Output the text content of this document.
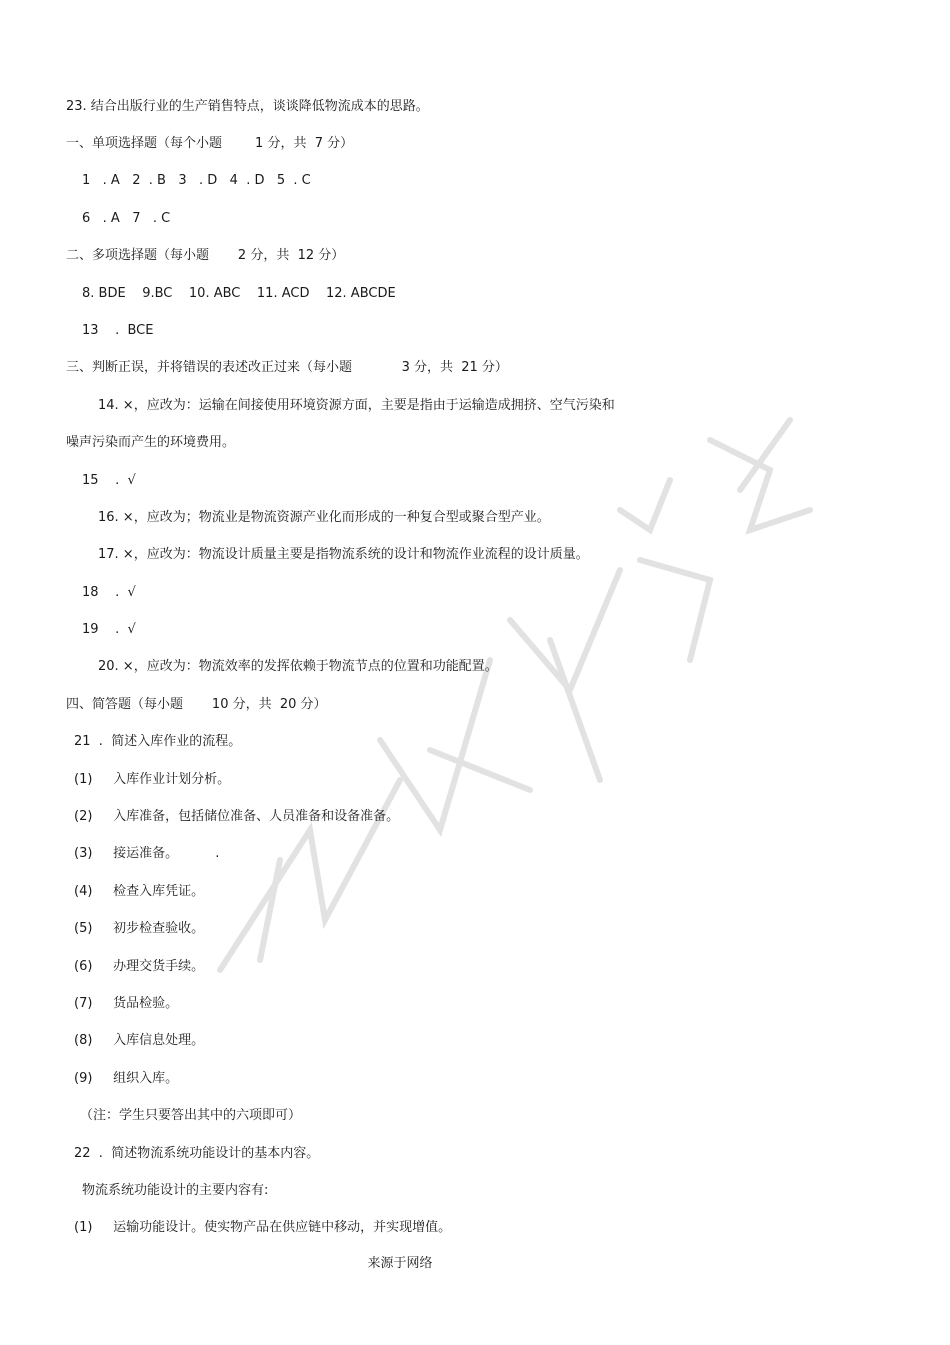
23. 结合出版行业的生产销售特点，谈谈降低物流成本的思路。
一、单项选择题（每个小题        1 分，共  7 分）
1   . A   2  . B   3   . D   4  . D   5  . C
6   . A   7   . C
二、多项选择题（每小题       2 分，共  12 分）
8. BDE    9.BC    10. ABC    11. ACD    12. ABCDE
13    .  BCE
三、判断正误，并将错误的表述改正过来（每小题            3 分，共  21 分）
14. ×，应改为：运输在间接使用环境资源方面，主要是指由于运输造成拥挤、空气污染和
噪声污染而产生的环境费用。
15    .  √
16. ×，应改为；物流业是物流资源产业化而形成的一种复合型或聚合型产业。
17. ×，应改为：物流设计质量主要是指物流系统的设计和物流作业流程的设计质量。
18    .  √
19    .  √
20. ×，应改为：物流效率的发挥依赖于物流节点的位置和功能配置。
四、简答题（每小题       10 分，共  20 分）
21  .  简述入库作业的流程。
(1)     入库作业计划分析。
(2)     入库准备，包括储位准备、人员准备和设备准备。
(3)     接运准备。         .
(4)     检查入库凭证。
(5)     初步检查验收。
(6)     办理交货手续。
(7)     货品检验。
(8)     入库信息处理。
(9)     组织入库。
（注：学生只要答出其中的六项即可）
22  .  简述物流系统功能设计的基本内容。
物流系统功能设计的主要内容有:
(1)     运输功能设计。使实物产品在供应链中移动，并实现增值。
来源于网络
